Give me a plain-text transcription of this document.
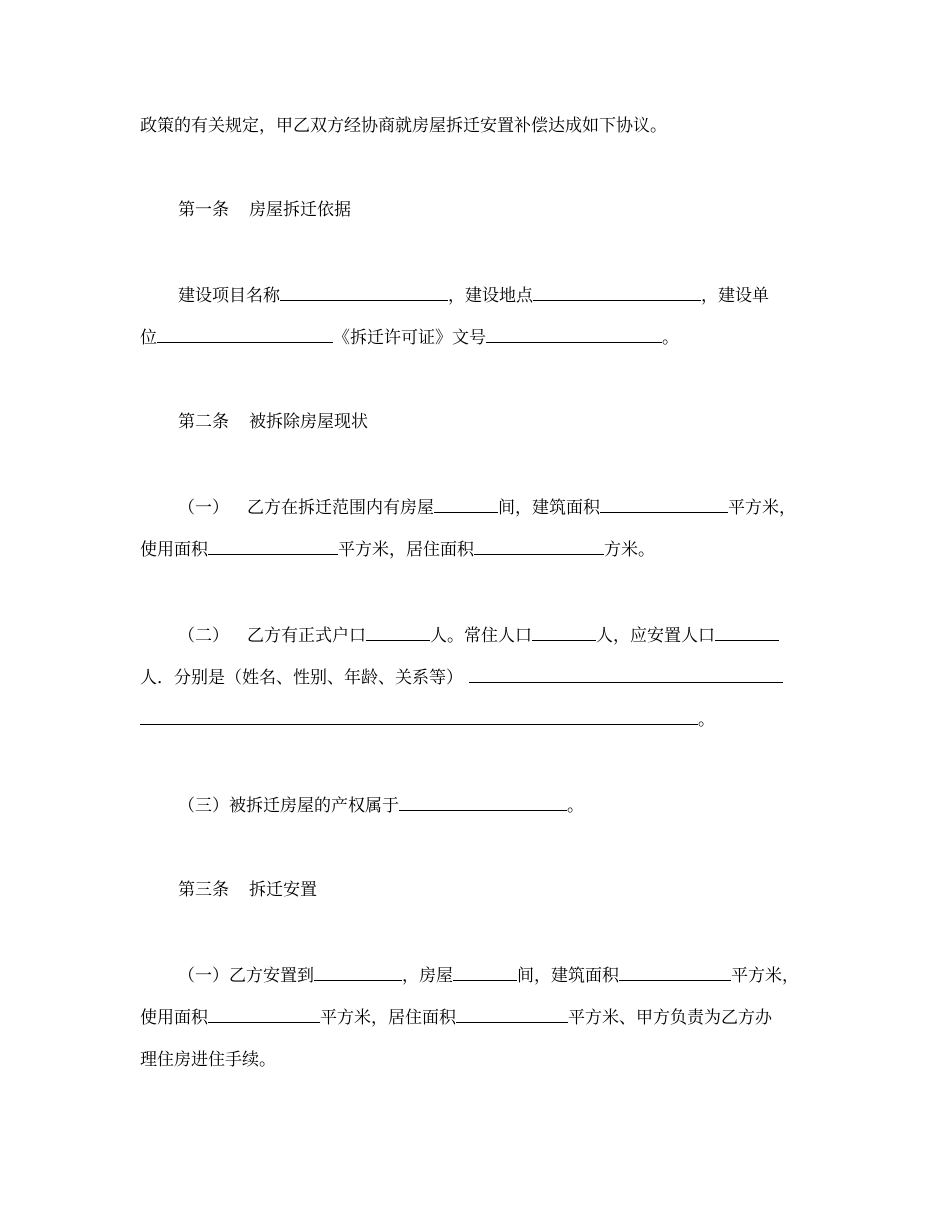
政策的有关规定，甲乙双方经协商就房屋拆迁安置补偿达成如下协议。
第一条 房屋拆迁依据
建设项目名称	，建设地点	，建设单
位	《拆迁许可证》文号	。
第二条 被拆除房屋现状
（一） 乙方在拆迁范围内有房屋	间，建筑面积	平方米，
使用面积	平方米，居住面积	方米。
（二） 乙方有正式户口	人。常住人口	人，应安置人口
人．分别是（姓名、性别、年龄、关系等）
。
（三）被拆迁房屋的产权属于	。
第三条 拆迁安置
（一）乙方安置到	，房屋	间，建筑面积	平方米，
使用面积	平方米，居住面积	平方米、甲方负责为乙方办
理住房进住手续。
